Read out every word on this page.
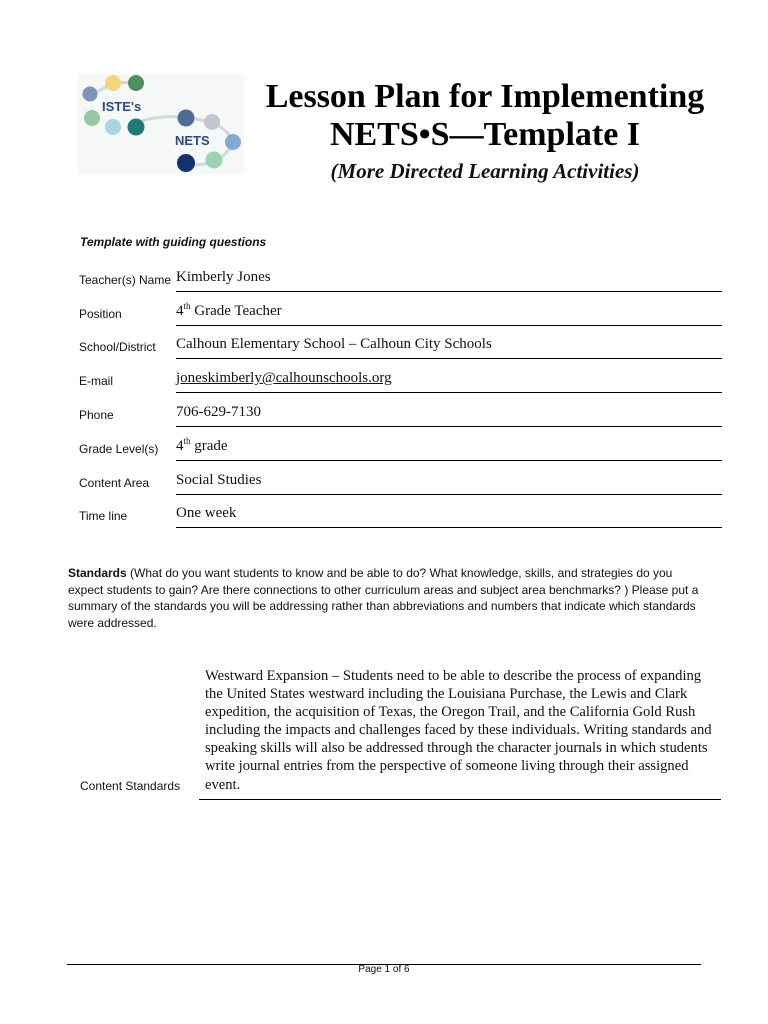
ISTE's
NETS
Lesson Plan for Implementing
NETS•S—Template I
(More Directed Learning Activities)
Template with guiding questions
Teacher(s) Name Kimberly Jones
Position	4th Grade Teacher
School/District	Calhoun Elementary School – Calhoun City Schools
E-mail	joneskimberly@calhounschools.org
Phone	706-629-7130
Grade Level(s)	4th grade
Content Area	Social Studies
Time line	One week
Standards (What do you want students to know and be able to do? What knowledge, skills, and strategies do you expect students to gain? Are there connections to other curriculum areas and subject area benchmarks? ) Please put a summary of the standards you will be addressing rather than abbreviations and numbers that indicate which standards were addressed.
Content Standards

Westward Expansion – Students need to be able to describe the process of expanding the United States westward including the Louisiana Purchase, the Lewis and Clark expedition, the acquisition of Texas, the Oregon Trail, and the California Gold Rush including the impacts and challenges faced by these individuals. Writing standards and speaking skills will also be addressed through the character journals in which students write journal entries from the perspective of someone living through their assigned event.

Page 1 of 6
